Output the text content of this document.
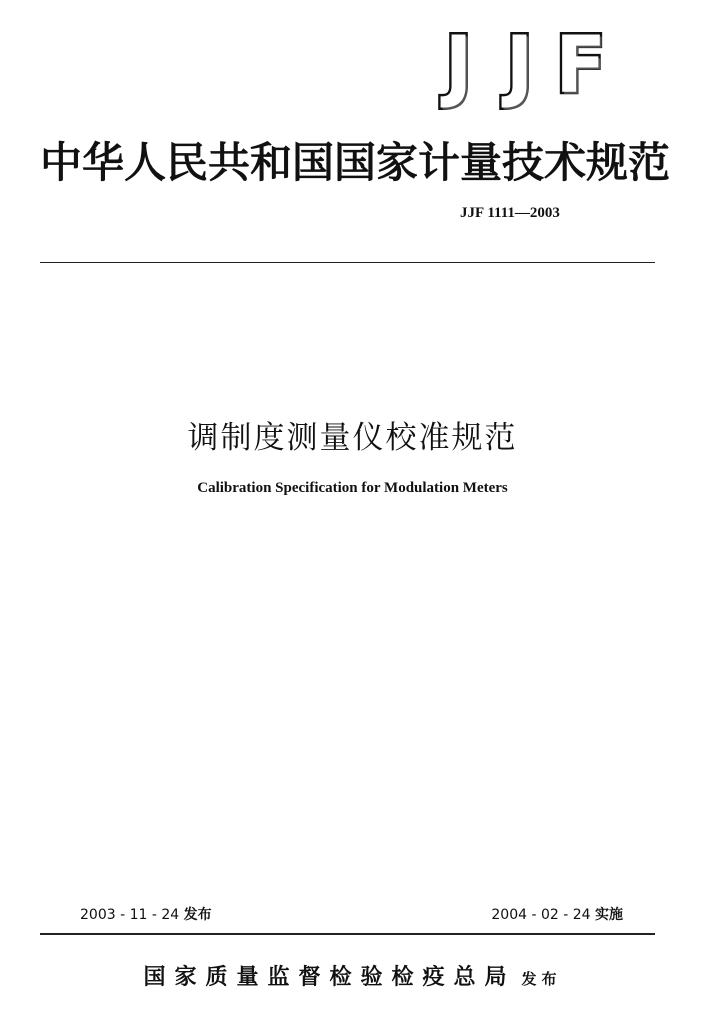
J J F
中华人民共和国国家计量技术规范
JJF 1111—2003
调制度测量仪校准规范
Calibration Specification for Modulation Meters
2003 - 11 - 24 发布	2004 - 02 - 24 实施
国家质量监督检验检疫总局 发布
